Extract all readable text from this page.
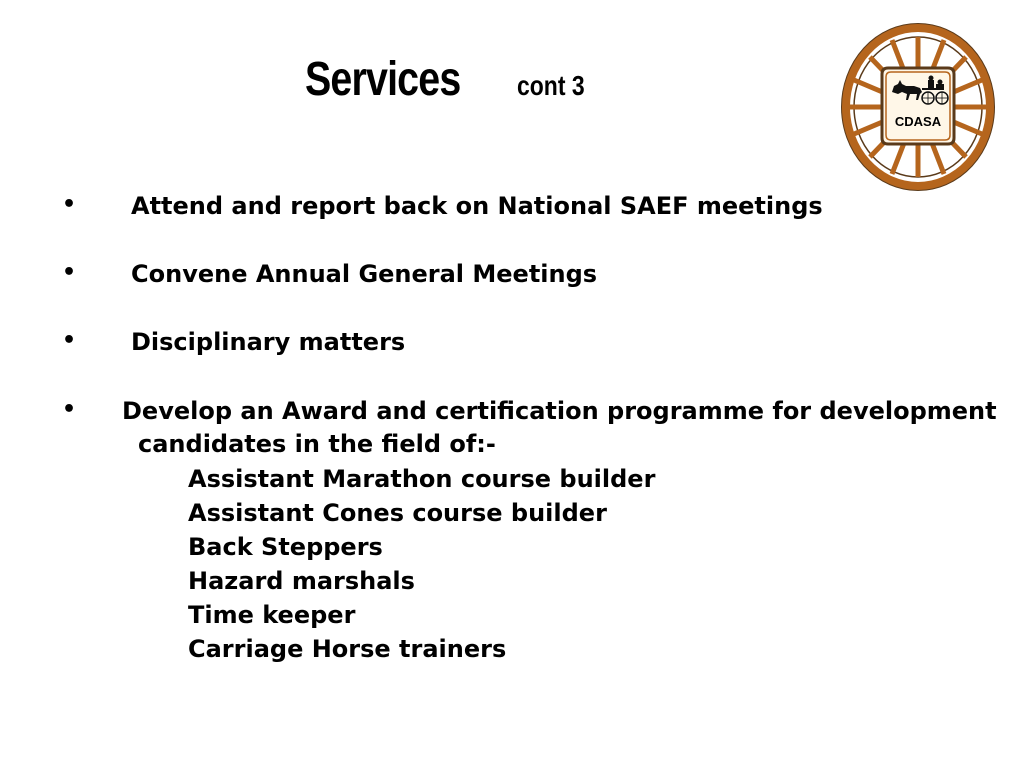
Services cont 3
CDASA
• Attend and report back on National SAEF meetings
• Convene Annual General Meetings
• Disciplinary matters
• Develop an Award and certification programme for development
candidates in the field of:-
Assistant Marathon course builder
Assistant Cones course builder
Back Steppers
Hazard marshals
Time keeper
Carriage Horse trainers
